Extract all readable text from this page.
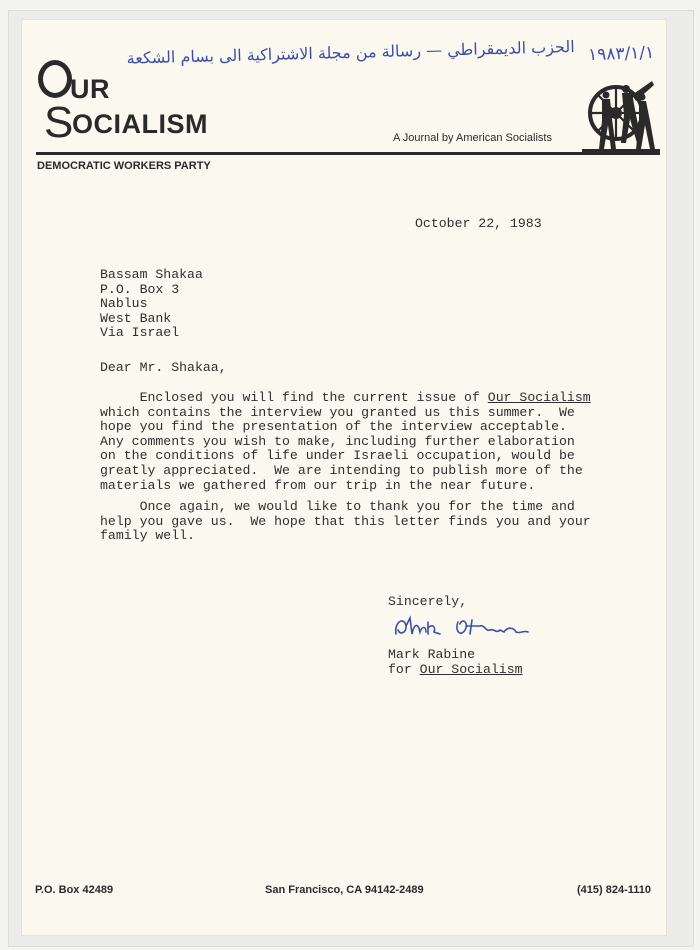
UR
S
OCIALISM	A Journal by American Socialists
DEMOCRATIC WORKERS PARTY
الحزب الديمقراطي — رسالة من مجلة الاشتراكية الى بسام الشكعة ١٩٨٣/١/١
October 22, 1983
Bassam Shakaa
P.O. Box 3
Nablus
West Bank
Via Israel
Dear Mr. Shakaa,

Enclosed you will find the current issue of Our Socialism

which contains the interview you granted us this summer.  We

hope you find the presentation of the interview acceptable.

Any comments you wish to make, including further elaboration

on the conditions of life under Israeli occupation, would be

greatly appreciated.  We are intending to publish more of the

materials we gathered from our trip in the near future.

Once again, we would like to thank you for the time and

help you gave us.  We hope that this letter finds you and your

family well.

Sincerely,
Mark Rabine
for Our Socialism
P.O. Box 42489	San Francisco, CA 94142-2489	(415) 824-1110
